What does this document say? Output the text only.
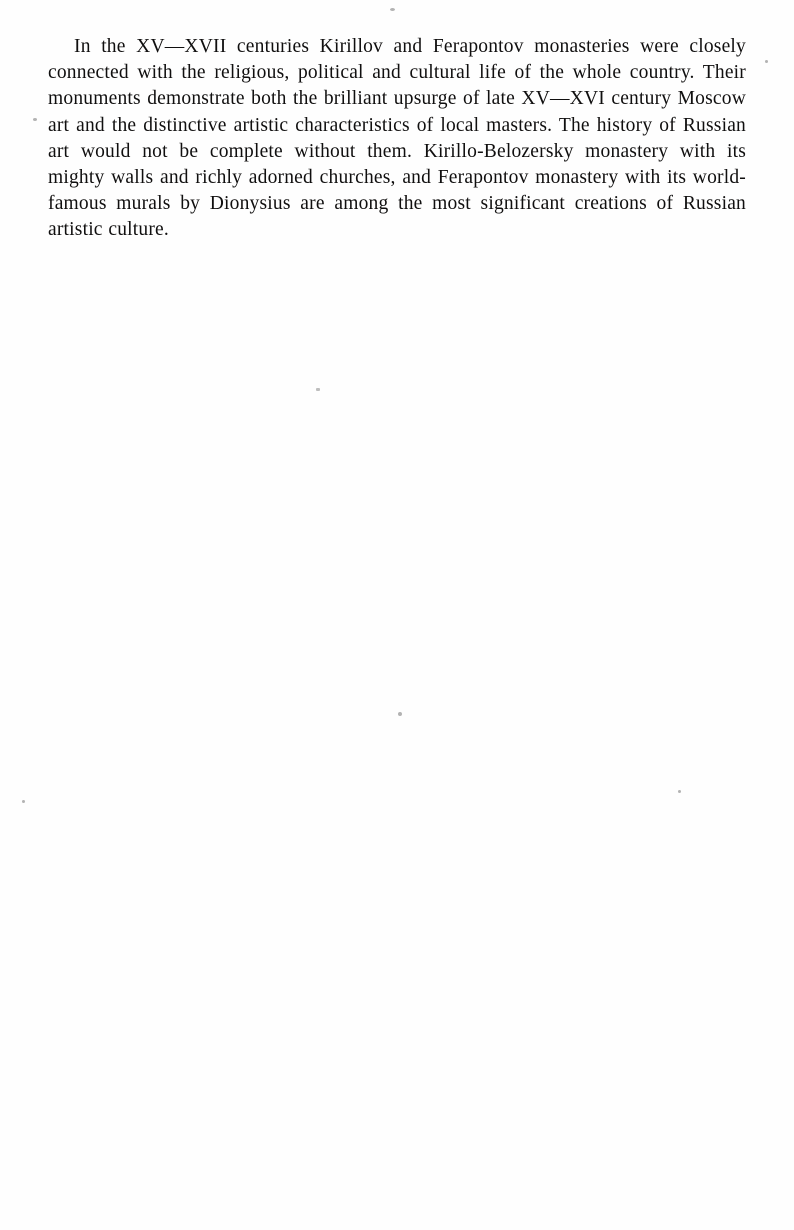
In the XV—XVII centuries Kirillov and Ferapontov monasteries were closely connected with the religious, political and cultural life of the whole country. Their monuments demonstrate both the brilliant upsurge of late XV—XVI century Moscow art and the distinctive artistic characteristics of local masters. The history of Russian art would not be complete without them. Kirillo-Belozersky monastery with its mighty walls and richly adorned churches, and Ferapontov monastery with its world-famous murals by Dionysius are among the most significant creations of Russian artistic culture.
